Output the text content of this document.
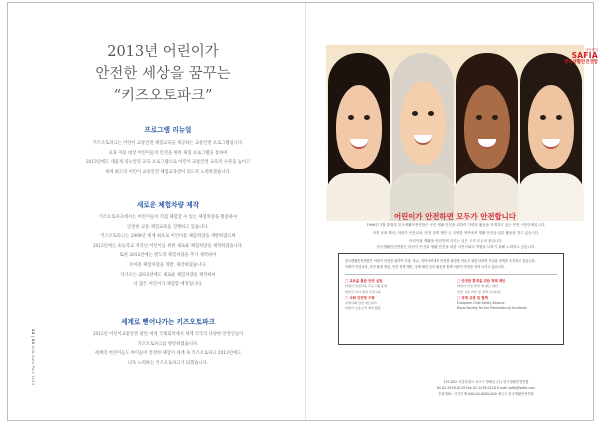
2013년 어린이가
안전한 세상을 꿈꾸는
“키즈오토파크”
프로그램 리뉴얼
키즈오토파크는 어린이 교통안전 체험교육을 제공하는 교통안전 프로그램입니다.
교육 이용 대상 어린이들의 안전을 위한 체험 프로그램을 통하여
2013년에도 새롭게 리뉴얼된 교육 프로그램으로 어린이 교통안전 교육의 수준을 높이고
세계 최고의 어린이 교통안전 체험교육장이 되도록 노력하겠습니다.
새로운 체험차량 제작
키즈오토파크에서는 어린이들이 직접 체험할 수 있는 체험차량을 활용하여
안전한 교통 체험교육을 진행하고 있습니다.
키즈오토파크는 2009년 세계 최초로 어린이용 체험차량을 개발하였으며
2013년에는 초등학교 저학년 어린이를 위한 새로운 체험차량을 제작하였습니다.
또한 2012년에는 별도의 체험차량을 추가 제작하여
유아용 체험차량을 개발, 제작하였습니다.
다가오는 2013년에도 새로운 체험차량을 제작하여
더 많은 어린이가 체험할 예정입니다.
세계로 뻗어나가는 키즈오토파크
2012년 어린이교통안전 관련 세계 국제회의에서 세계 각국의 다양한 안전인들이
키즈오토파크를 방문하였습니다.
세계의 어린이들도 아이들이 안전한 체험이 세계 속 키즈오토파크 2013년에도
더욱 노력하는 키즈오토파크가 되겠습니다.
22 | 23 Kids Auto Park 2012
사단법인
SAFIA
한국생활안전연합
어린이가 안전하면 모두가 안전합니다
1996년 2월 출범한 한국생활안전연합은 국민 생활 안전을 위하여 다양한 활동을 전개하고 있는 안전 시민단체입니다.
안전 문화 확산, 어린이 안전교육, 안전 정책 제안 등 다양한 영역에서 생활 안전을 위한 활동을 하고 있습니다.
어린이와 생활을 안전하게 지키는 일은 우리 모두의 몫입니다.
한국생활안전연합은 어린이 안전과 생활 안전을 위한 시민사회의 역할을 다하기 위해 노력하고 있습니다.
한국생활안전연합은 어린이 안전을 위하여 가정, 학교, 지역사회에서 안전한 환경을 만들기 위한 다양한 사업과 정책을 추진하고 있습니다.
어린이 안전교육, 안전 환경 개선, 안전 정책 제안, 국제 협력 등의 활동을 통해 어린이 안전을 지켜 나가고 있습니다.
□ 교육을 통한 안전 실천
어린이 안전교육 프로그램 운영
학부모·교사 대상 안전교육
□ 사회 안전망 구축
지역사회 안전 네트워크
어린이 보호구역 개선 활동
□ 안전한 환경을 위한 정책 제안
어린이 안전 관련 법·제도 개선
안전 기준 마련 및 정책 모니터링
□ 국제 교류 및 협력
European Child Safety Alliance
Royal Society for the Prevention of Accidents
137-832 서울특별시 서초구 방배동 (주) 한국생활안전연합
Tel 02.3476.0119 Fax 02.3476.0118 E-mail safia@safia.com
후원계좌 : 국민은행 000-00-0000-000 예금주 한국생활안전연합
